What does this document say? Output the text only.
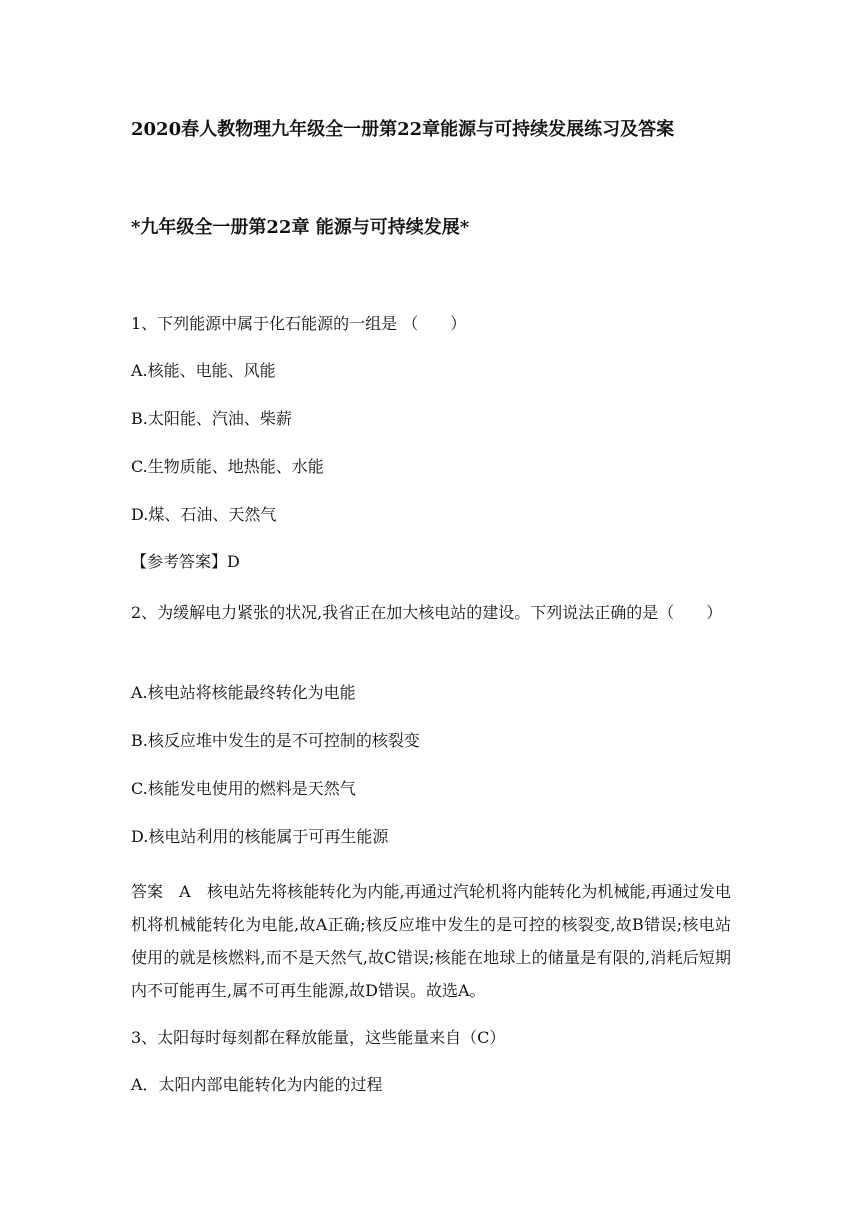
2020春人教物理九年级全一册第22章能源与可持续发展练习及答案
*九年级全一册第22章 能源与可持续发展*
1、下列能源中属于化石能源的一组是 （　　）
A.核能、电能、风能
B.太阳能、汽油、柴薪
C.生物质能、地热能、水能
D.煤、石油、天然气
【参考答案】D
2、为缓解电力紧张的状况,我省正在加大核电站的建设。下列说法正确的是（　　）
A.核电站将核能最终转化为电能
B.核反应堆中发生的是不可控制的核裂变
C.核能发电使用的燃料是天然气
D.核电站利用的核能属于可再生能源
答案　A　核电站先将核能转化为内能,再通过汽轮机将内能转化为机械能,再通过发电机将机械能转化为电能,故A正确;核反应堆中发生的是可控的核裂变,故B错误;核电站使用的就是核燃料,而不是天然气,故C错误;核能在地球上的储量是有限的,消耗后短期内不可能再生,属不可再生能源,故D错误。故选A。
3、太阳每时每刻都在释放能量，这些能量来自（C）
A．太阳内部电能转化为内能的过程
